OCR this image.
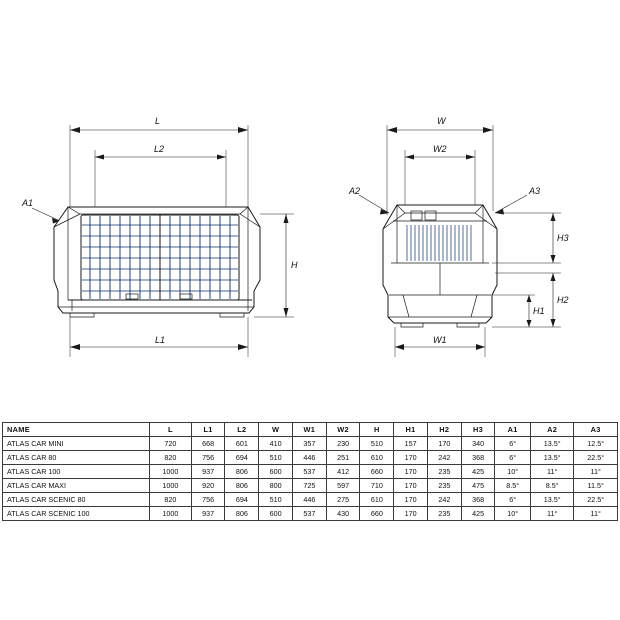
L
L2
A1
H
L1
W
W2
A2	A3
H3
H2
H1
W1
NAME	L	L1	L2	W	W1	W2	H	H1	H2	H3	A1	A2	A3
ATLAS CAR MINI	720	668	601	410	357	230	510	157	170	340	6°	13.5°	12.5°
ATLAS CAR 80	820	756	694	510	446	251	610	170	242	368	6°	13.5°	22.5°
ATLAS CAR 100	1000	937	806	600	537	412	660	170	235	425	10°	11°	11°
ATLAS CAR MAXI	1000	920	806	800	725	597	710	170	235	475	8.5°	8.5°	11.5°
ATLAS CAR SCENIC 80	820	756	694	510	446	275	610	170	242	368	6°	13.5°	22.5°
ATLAS CAR SCENIC 100	1000	937	806	600	537	430	660	170	235	425	10°	11°	11°
